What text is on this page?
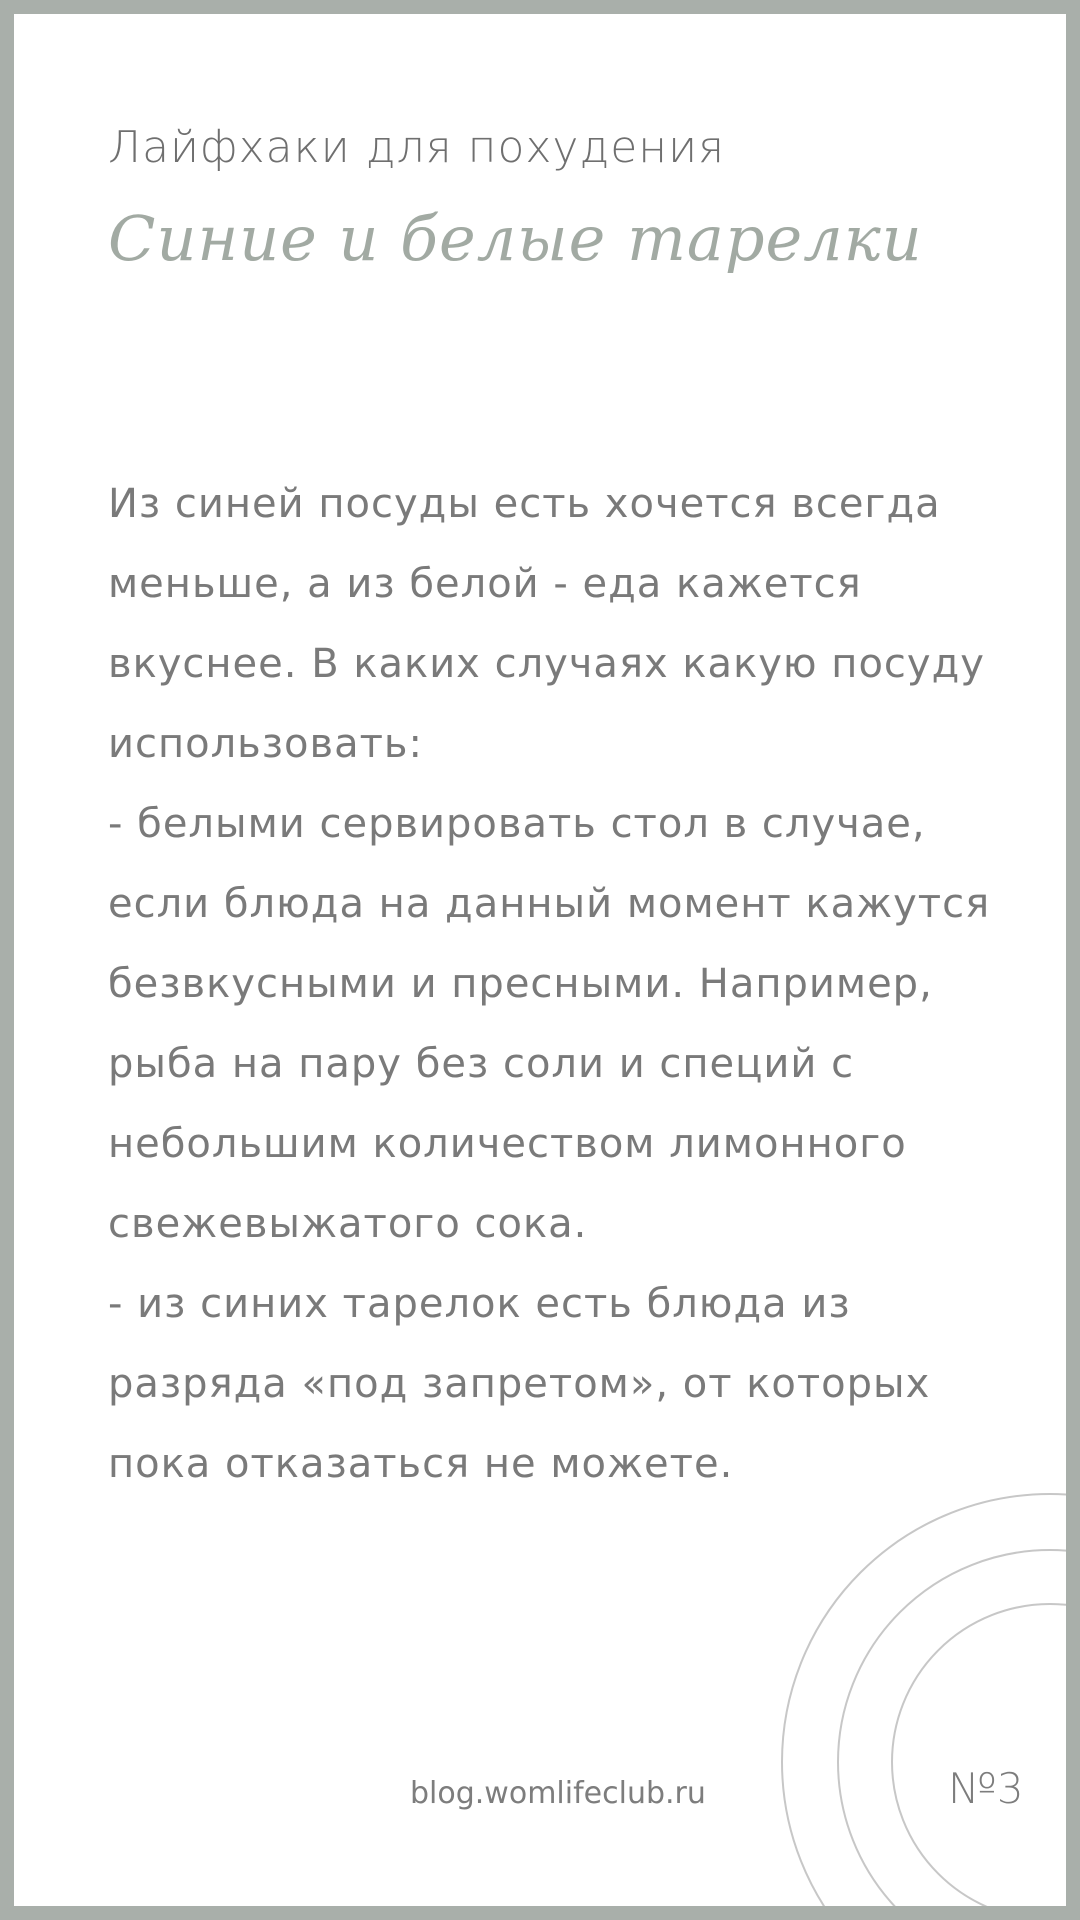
Лайфхаки для похудения
Синие и белые тарелки

Из синей посуды есть хочется всегда меньше, а из белой - еда кажется вкуснее. В каких случаях какую посуду использовать:

- белыми сервировать стол в случае, если блюда на данный момент кажутся безвкусными и пресными. Например, рыба на пару без соли и специй с небольшим количеством лимонного свежевыжатого сока.

- из синих тарелок есть блюда из разряда «под запретом», от которых пока отказаться не можете.

blog.womlifeclub.ru	№3
